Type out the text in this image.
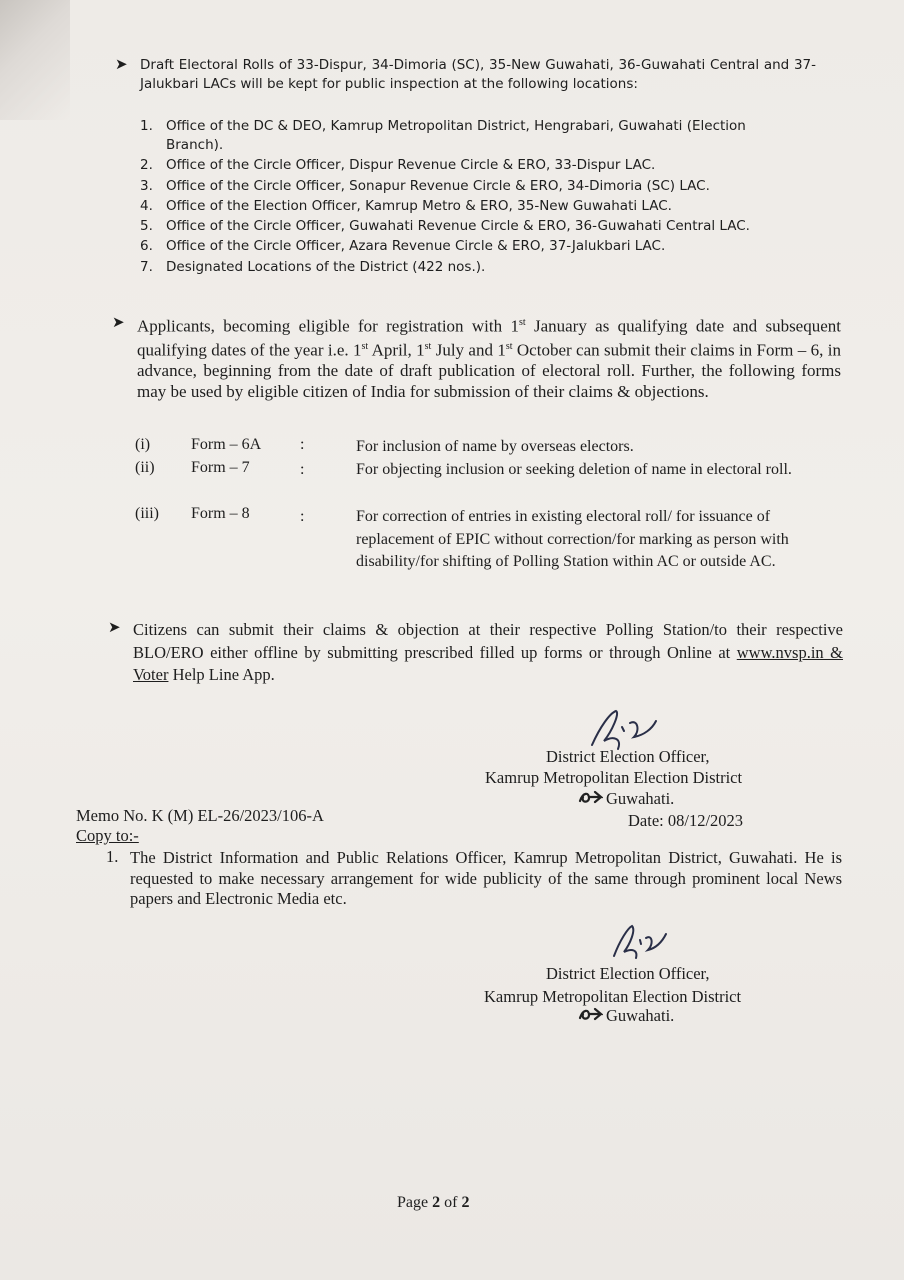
➤ Draft Electoral Rolls of 33-Dispur, 34-Dimoria (SC), 35-New Guwahati, 36-Guwahati Central and 37-Jalukbari LACs will be kept for public inspection at the following locations:
1. Office of the DC & DEO, Kamrup Metropolitan District, Hengrabari, Guwahati (Election
Branch).
2. Office of the Circle Officer, Dispur Revenue Circle & ERO, 33-Dispur LAC.
3. Office of the Circle Officer, Sonapur Revenue Circle & ERO, 34-Dimoria (SC) LAC.
4. Office of the Election Officer, Kamrup Metro & ERO, 35-New Guwahati LAC.
5. Office of the Circle Officer, Guwahati Revenue Circle & ERO, 36-Guwahati Central LAC.
6. Office of the Circle Officer, Azara Revenue Circle & ERO, 37-Jalukbari LAC.
7. Designated Locations of the District (422 nos.).
➤ Applicants, becoming eligible for registration with 1st January as qualifying date and subsequent qualifying dates of the year i.e. 1st April, 1st July and 1st October can submit their claims in Form – 6, in advance, beginning from the date of draft publication of electoral roll. Further, the following forms may be used by eligible citizen of India for submission of their claims & objections.
(i)	Form – 6A :	For inclusion of name by overseas electors.
(ii) Form – 7	:	For objecting inclusion or seeking deletion of name in electoral roll.
(iii) Form – 8	:	For correction of entries in existing electoral roll/ for issuance of replacement of EPIC without correction/for marking as person with disability/for shifting of Polling Station within AC or outside AC.
➤ Citizens can submit their claims & objection at their respective Polling Station/to their respective BLO/ERO either offline by submitting prescribed filled up forms or through Online at www.nvsp.in & Voter Help Line App.
District Election Officer,
Kamrup Metropolitan Election District
Guwahati.
Memo No. K (M) EL-26/2023/106-A	Date: 08/12/2023
Copy to:-
1. The District Information and Public Relations Officer, Kamrup Metropolitan District, Guwahati. He is requested to make necessary arrangement for wide publicity of the same through prominent local News papers and Electronic Media etc.
District Election Officer,
Kamrup Metropolitan Election District
Guwahati.
Page 2 of 2
